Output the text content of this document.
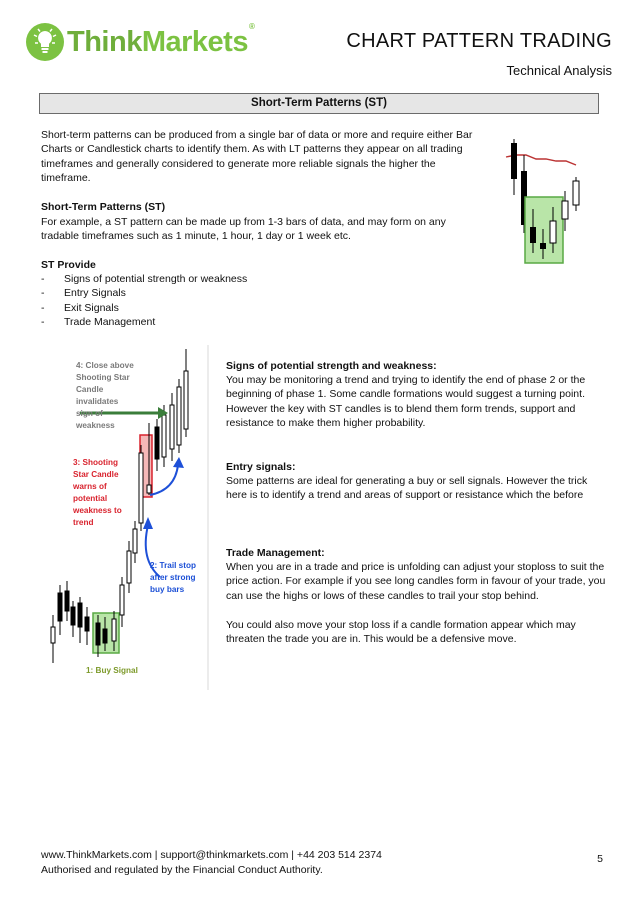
ThinkMarkets®
CHART PATTERN TRADING
Technical Analysis
Short-Term Patterns (ST)

Short-term patterns can be produced from a single bar of data or more and require either Bar Charts or Candlestick charts to identify them. As with LT patterns they appear on all trading timeframes and generally considered to generate more reliable signals the higher the timeframe.

Short-Term Patterns (ST)

For example, a ST pattern can be made up from 1-3 bars of data, and may form on any tradable timeframes such as 1 minute, 1 hour, 1 day or 1 week etc.

ST Provide
- Signs of potential strength or weakness
- Entry Signals
- Exit Signals
- Trade Management
4: Close above Shooting Star Candle invalidates sign of weakness
3: Shooting Star Candle warns of potential weakness to trend
2: Trail stop after strong buy bars
1: Buy Signal
Signs of potential strength and weakness:

You may be monitoring a trend and trying to identify the end of phase 2 or the beginning of phase 1. Some candle formations would suggest a turning point. However the key with ST candles is to blend them form trends, support and resistance to make them higher probability.

Entry signals:

Some patterns are ideal for generating a buy or sell signals. However the trick here is to identify a trend and areas of support or resistance which the before

Trade Management:

When you are in a trade and price is unfolding can adjust your stoploss to suit the price action. For example if you see long candles form in favour of your trade, you can use the highs or lows of these candles to trail your stop behind.

You could also move your stop loss if a candle formation appear which may threaten the trade you are in. This would be a defensive move.

www.ThinkMarkets.com | support@thinkmarkets.com | +44 203 514 2374
Authorised and regulated by the Financial Conduct Authority.
5
